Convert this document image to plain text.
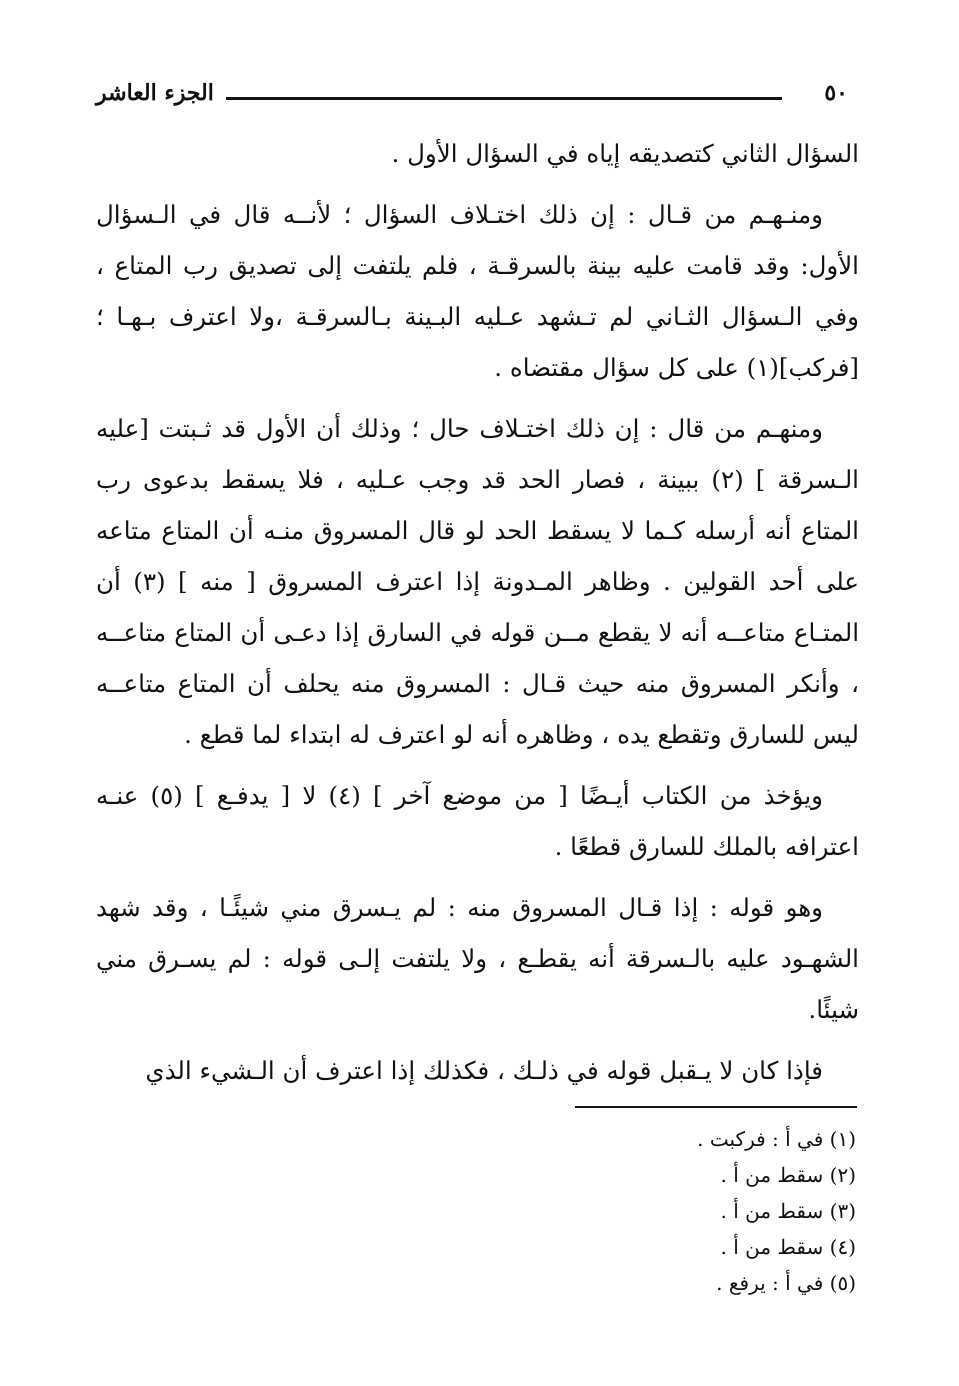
الجزء العاشر	٥٠

السؤال الثاني كتصديقه إياه في السؤال الأول .

ومنـهـم من قـال : إن ذلك اختـلاف السؤال ؛ لأنــه قال في الـسؤال الأول: وقد قامت عليه بينة بالسرقـة ، فلم يلتفت إلى تصديق رب المتاع ، وفي الـسؤال الثـاني لم تـشهد عـليه البـينة بـالسرقـة ،ولا اعترف بـهـا ؛ [فركب](١) على كل سؤال مقتضاه .

ومنهـم من قال : إن ذلك اختـلاف حال ؛ وذلك أن الأول قد ثـبتت [عليه الـسرقة ] (٢) ببينة ، فصار الحد قد وجب عـليه ، فلا يسقط بدعوى رب المتاع أنه أرسله كـما لا يسقط الحد لو قال المسروق منـه أن المتاع متاعه على أحد القولين . وظاهر المـدونة إذا اعترف المسروق [ منه ] (٣) أن المتـاع متاعــه أنه لا يقطع مــن قوله في السارق إذا دعـى أن المتاع متاعــه ، وأنكر المسروق منه حيث قـال : المسروق منه يحلف أن المتاع متاعــه ليس للسارق وتقطع يده ، وظاهره أنه لو اعترف له ابتداء لما قطع .

ويؤخذ من الكتاب أيـضًا [ من موضع آخر ] (٤) لا [ يدفـع ] (٥) عنـه اعترافه بالملك للسارق قطعًا .

وهو قوله : إذا قـال المسروق منه : لم يـسرق مني شيئًـا ، وقد شهد الشهـود عليه بالـسرقة أنه يقطـع ، ولا يلتفت إلـى قوله : لم يسـرق مني شيئًا.

فإذا كان لا يـقبل قوله في ذلـك ، فكذلك إذا اعترف أن الـشيء الذي

(١) في أ : فركبت .

(٢) سقط من أ .

(٣) سقط من أ .

(٤) سقط من أ .

(٥) في أ : يرفع .
